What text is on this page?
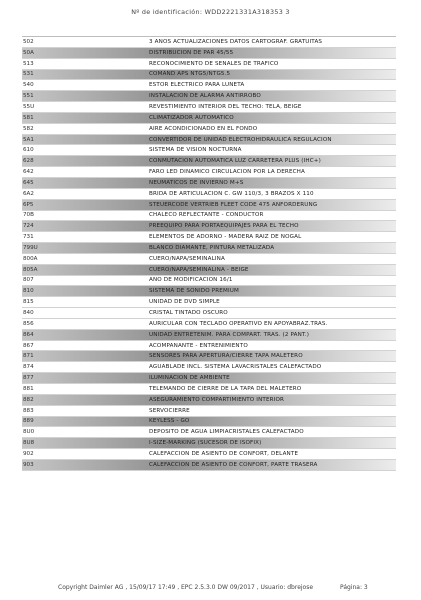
Nº de identificación: WDD2221331A318353 3
502	3 AÑOS ACTUALIZACIONES DATOS CARTOGRAF. GRATUITAS
50A	DISTRIBUCION DE PAR 45/55
513	RECONOCIMIENTO DE SEÑALES DE TRAFICO
531	COMAND APS NTG5/NTG5.5
540	ESTOR ELECTRICO PARA LUNETA
551	INSTALACION DE ALARMA ANTIRROBO
55U	REVESTIMIENTO INTERIOR DEL TECHO: TELA, BEIGE
581	CLIMATIZADOR AUTOMATICO
582	AIRE ACONDICIONADO EN EL FONDO
5A1	CONVERTIDOR DE UNIDAD ELECTROHIDRAULICA REGULACION
610	SISTEMA DE VISION NOCTURNA
628	CONMUTACION AUTOMATICA LUZ CARRETERA PLUS (IHC+)
642	FARO LED DINAMICO CIRCULACION POR LA DERECHA
645	NEUMATICOS DE INVIERNO M+S
6A2	BRIDA DE ARTICULACION C. GW 110/3, 3 BRAZOS X 110
6P5	STEUERCODE VERTRIEB FLEET CODE 475 ANFORDERUNG
70B	CHALECO REFLECTANTE - CONDUCTOR
724	PREEQUIPO PARA PORTAEQUIPAJES PARA EL TECHO
731	ELEMENTOS DE ADORNO - MADERA RAIZ DE NOGAL
799U	BLANCO DIAMANTE, PINTURA METALIZADA
800A	CUERO/NAPA/SEMINALINA
805A	CUERO/NAPA/SEMINALINA - BEIGE
807	AÑO DE MODIFICACION 16/1
810	SISTEMA DE SONIDO PREMIUM
815	UNIDAD DE DVD SIMPLE
840	CRISTAL TINTADO OSCURO
856	AURICULAR CON TECLADO OPERATIVO EN APOYABRAZ.TRAS.
864	UNIDAD ENTRETENIM. PARA COMPART. TRAS. (2 PANT.)
867	ACOMPAÑANTE - ENTRENIMIENTO
871	SENSORES PARA APERTURA/CIERRE TAPA MALETERO
874	AGUABLADE INCL. SISTEMA LAVACRISTALES CALEFACTADO
877	ILUMINACION DE AMBIENTE
881	TELEMANDO DE CIERRE DE LA TAPA DEL MALETERO
882	ASEGURAMIENTO COMPARTIMIENTO INTERIOR
883	SERVOCIERRE
889	KEYLESS - GO
8U0	DEPOSITO DE AGUA LIMPIACRISTALES CALEFACTADO
8U8	I-SIZE-MARKING (SUCESOR DE ISOFIX)
902	CALEFACCION DE ASIENTO DE CONFORT, DELANTE
903	CALEFACCION DE ASIENTO DE CONFORT, PARTE TRASERA
Copyright Daimler AG , 15/09/17 17:49 , EPC 2.5.3.0 DW 09/2017 , Usuario: dbrejose	Página: 3
